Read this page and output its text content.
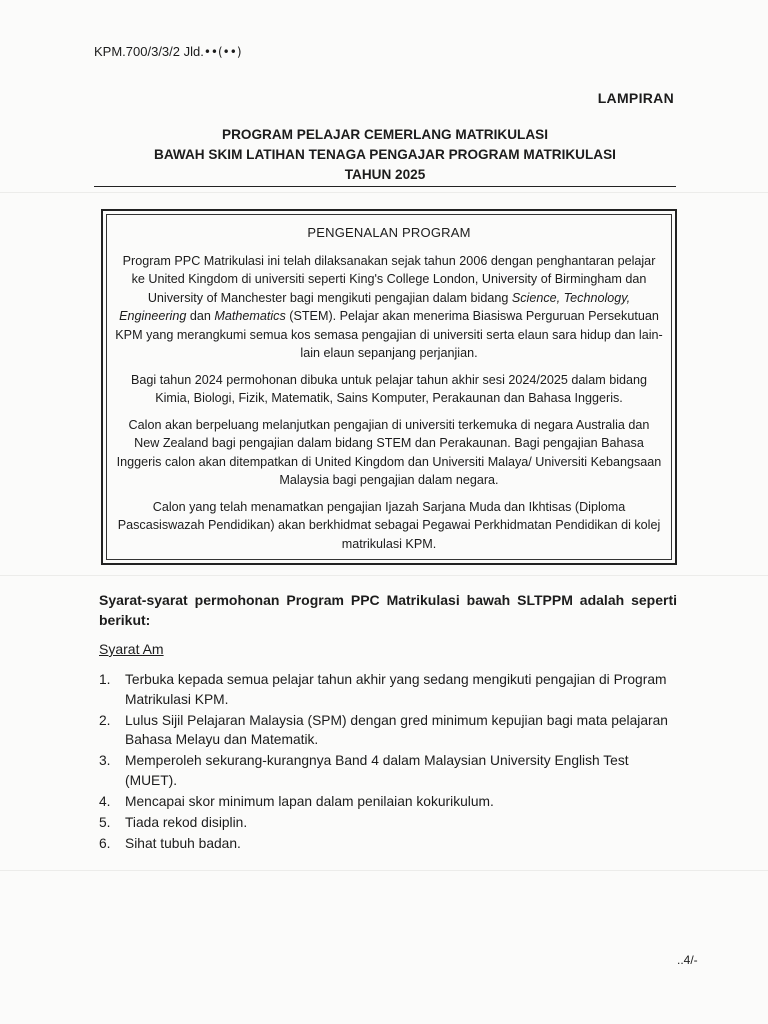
KPM.700/3/3/2 Jld.••(••)
LAMPIRAN
PROGRAM PELAJAR CEMERLANG MATRIKULASI
BAWAH SKIM LATIHAN TENAGA PENGAJAR PROGRAM MATRIKULASI
TAHUN 2025
PENGENALAN PROGRAM

Program PPC Matrikulasi ini telah dilaksanakan sejak tahun 2006 dengan penghantaran pelajar ke United Kingdom di universiti seperti King's College London, University of Birmingham dan University of Manchester bagi mengikuti pengajian dalam bidang Science, Technology, Engineering dan Mathematics (STEM). Pelajar akan menerima Biasiswa Perguruan Persekutuan KPM yang merangkumi semua kos semasa pengajian di universiti serta elaun sara hidup dan lain-lain elaun sepanjang perjanjian.

Bagi tahun 2024 permohonan dibuka untuk pelajar tahun akhir sesi 2024/2025 dalam bidang Kimia, Biologi, Fizik, Matematik, Sains Komputer, Perakaunan dan Bahasa Inggeris.

Calon akan berpeluang melanjutkan pengajian di universiti terkemuka di negara Australia dan New Zealand bagi pengajian dalam bidang STEM dan Perakaunan. Bagi pengajian Bahasa Inggeris calon akan ditempatkan di United Kingdom dan Universiti Malaya/ Universiti Kebangsaan Malaysia bagi pengajian dalam negara.

Calon yang telah menamatkan pengajian Ijazah Sarjana Muda dan Ikhtisas (Diploma Pascasiswazah Pendidikan) akan berkhidmat sebagai Pegawai Perkhidmatan Pendidikan di kolej matrikulasi KPM.

Syarat-syarat permohonan Program PPC Matrikulasi bawah SLTPPM adalah seperti berikut:
Syarat Am
1.	Terbuka kepada semua pelajar tahun akhir yang sedang mengikuti pengajian di Program Matrikulasi KPM.
2.	Lulus Sijil Pelajaran Malaysia (SPM) dengan gred minimum kepujian bagi mata pelajaran Bahasa Melayu dan Matematik.
3.	Memperoleh sekurang-kurangnya Band 4 dalam Malaysian University English Test (MUET).
4.	Mencapai skor minimum lapan dalam penilaian kokurikulum.
5.	Tiada rekod disiplin.
6.	Sihat tubuh badan.
..4/-
